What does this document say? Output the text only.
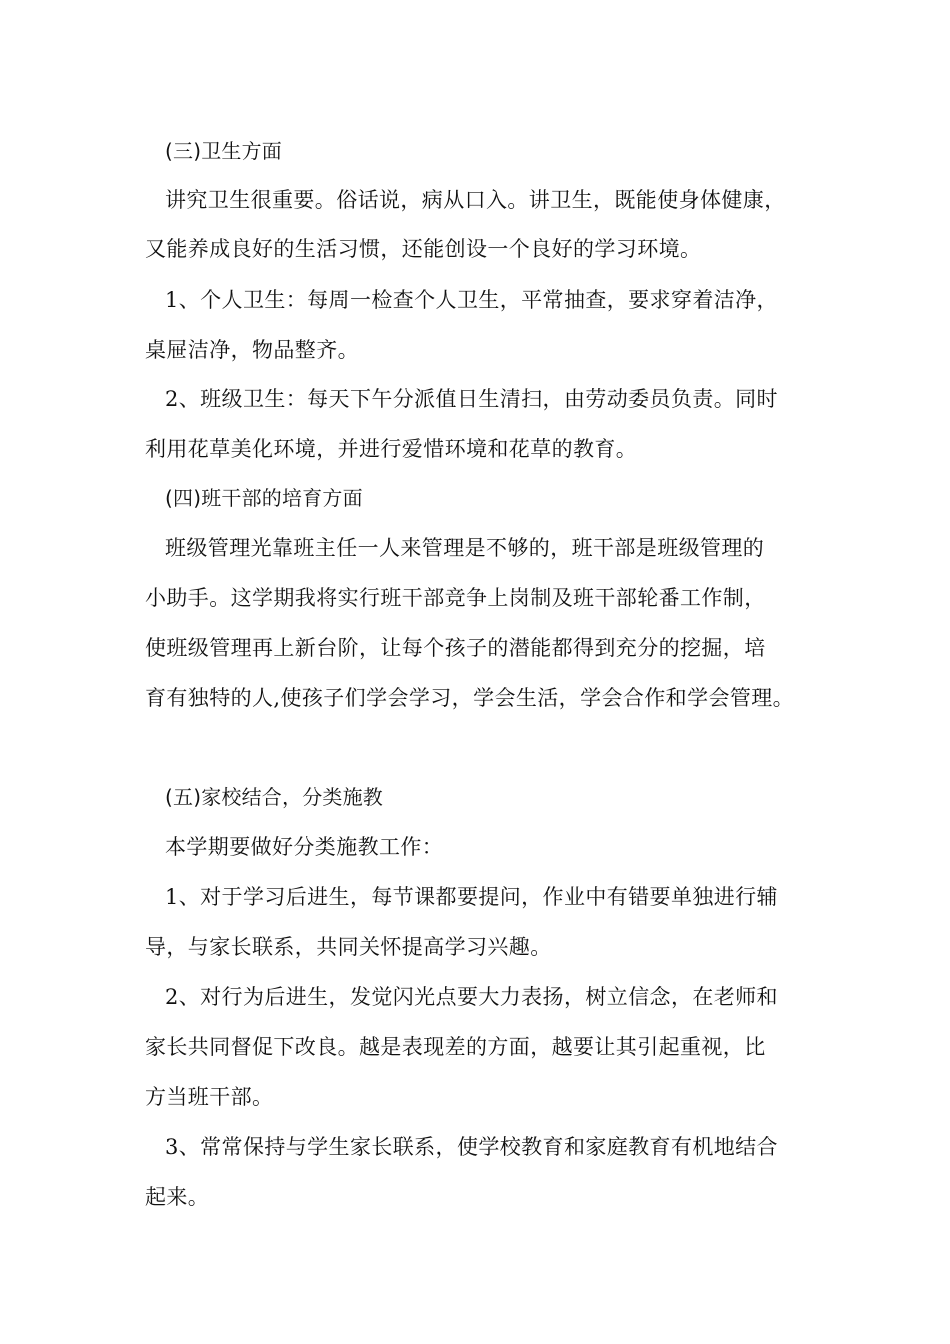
(三)卫生方面
讲究卫生很重要。俗话说，病从口入。讲卫生，既能使身体健康，
又能养成良好的生活习惯，还能创设一个良好的学习环境。
1、个人卫生：每周一检查个人卫生，平常抽查，要求穿着洁净，
桌屉洁净，物品整齐。
2、班级卫生：每天下午分派值日生清扫，由劳动委员负责。同时
利用花草美化环境，并进行爱惜环境和花草的教育。
(四)班干部的培育方面
班级管理光靠班主任一人来管理是不够的，班干部是班级管理的
小助手。这学期我将实行班干部竞争上岗制及班干部轮番工作制，
使班级管理再上新台阶，让每个孩子的潜能都得到充分的挖掘，培
育有独特的人,使孩子们学会学习，学会生活，学会合作和学会管理。
(五)家校结合，分类施教
本学期要做好分类施教工作：
1、对于学习后进生，每节课都要提问，作业中有错要单独进行辅
导，与家长联系，共同关怀提高学习兴趣。
2、对行为后进生，发觉闪光点要大力表扬，树立信念，在老师和
家长共同督促下改良。越是表现差的方面，越要让其引起重视，比
方当班干部。
3、常常保持与学生家长联系，使学校教育和家庭教育有机地结合
起来。
